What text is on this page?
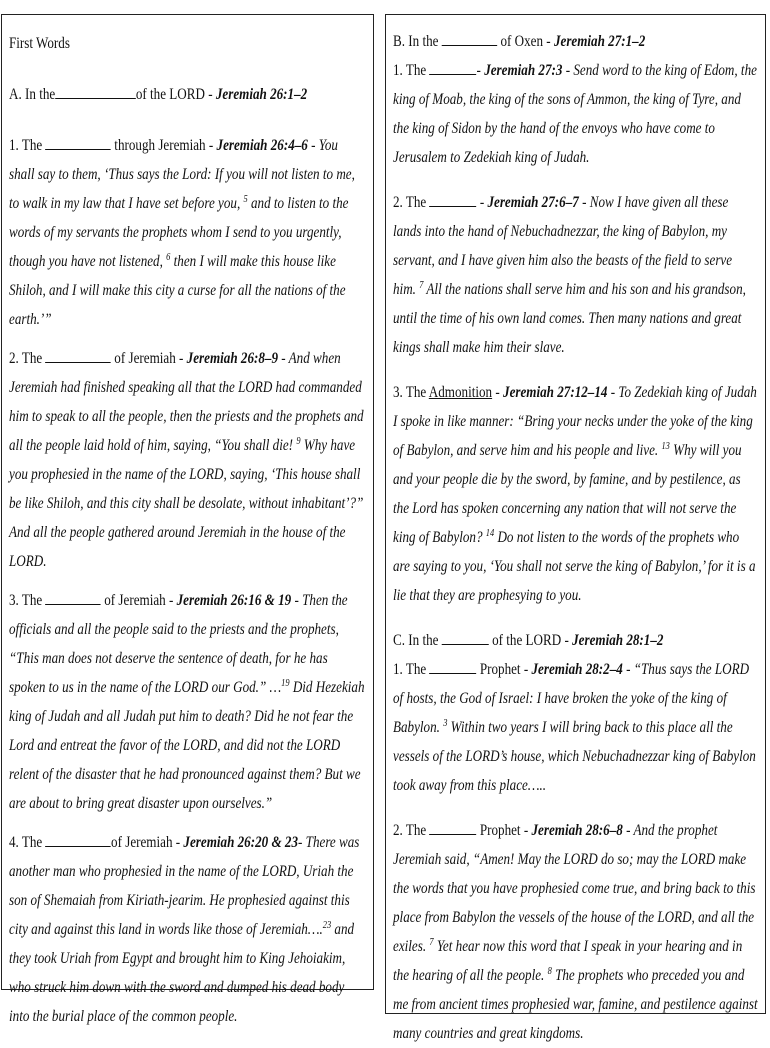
First Words

A. In the	of the LORD - Jeremiah 26:1–2

1. The	through Jeremiah - Jeremiah 26:4–6 - You shall say to them, ‘Thus says the Lord: If you will not listen to me, to walk in my law that I have set before you, $^5$ and to listen to the words of my servants the prophets whom I send to you urgently, though you have not listened, $^6$ then I will make this house like Shiloh, and I will make this city a curse for all the nations of the earth.’”

2. The	of Jeremiah - Jeremiah 26:8–9 - And when Jeremiah had finished speaking all that the LORD had commanded him to speak to all the people, then the priests and the prophets and all the people laid hold of him, saying, “You shall die! $^9$ Why have you prophesied in the name of the LORD, saying, ‘This house shall be like Shiloh, and this city shall be desolate, without inhabitant’?” And all the people gathered around Jeremiah in the house of the LORD.

3. The	of Jeremiah - Jeremiah 26:16 & 19 - Then the officials and all the people said to the priests and the prophets, “This man does not deserve the sentence of death, for he has spoken to us in the name of the LORD our God.” …$^{19}$ Did Hezekiah king of Judah and all Judah put him to death? Did he not fear the Lord and entreat the favor of the LORD, and did not the LORD relent of the disaster that he had pronounced against them? But we are about to bring great disaster upon ourselves.”

4. The	of Jeremiah - Jeremiah 26:20 & 23- There was another man who prophesied in the name of the LORD, Uriah the son of Shemaiah from Kiriath-jearim. He prophesied against this city and against this land in words like those of Jeremiah….$^{23}$ and they took Uriah from Egypt and brought him to King Jehoiakim, who struck him down with the sword and dumped his dead body into the burial place of the common people.

B. In the	of Oxen - Jeremiah 27:1–2

1. The	- Jeremiah 27:3 - Send word to the king of Edom, the king of Moab, the king of the sons of Ammon, the king of Tyre, and the king of Sidon by the hand of the envoys who have come to Jerusalem to Zedekiah king of Judah.

2. The	- Jeremiah 27:6–7 - Now I have given all these lands into the hand of Nebuchadnezzar, the king of Babylon, my servant, and I have given him also the beasts of the field to serve him. $^7$ All the nations shall serve him and his son and his grandson, until the time of his own land comes. Then many nations and great kings shall make him their slave.

3. The Admonition - Jeremiah 27:12–14 - To Zedekiah king of Judah I spoke in like manner: “Bring your necks under the yoke of the king of Babylon, and serve him and his people and live. $^{13}$ Why will you and your people die by the sword, by famine, and by pestilence, as the Lord has spoken concerning any nation that will not serve the king of Babylon? $^{14}$ Do not listen to the words of the prophets who are saying to you, ‘You shall not serve the king of Babylon,’ for it is a lie that they are prophesying to you.

C. In the	of the LORD - Jeremiah 28:1–2

1. The	Prophet - Jeremiah 28:2–4 - “Thus says the LORD of hosts, the God of Israel: I have broken the yoke of the king of Babylon. $^3$ Within two years I will bring back to this place all the vessels of the LORD’s house, which Nebuchadnezzar king of Babylon took away from this place…..

2. The	Prophet - Jeremiah 28:6–8 - And the prophet Jeremiah said, “Amen! May the LORD do so; may the LORD make the words that you have prophesied come true, and bring back to this place from Babylon the vessels of the house of the LORD, and all the exiles. $^7$ Yet hear now this word that I speak in your hearing and in the hearing of all the people. $^8$ The prophets who preceded you and me from ancient times prophesied war, famine, and pestilence against many countries and great kingdoms.
